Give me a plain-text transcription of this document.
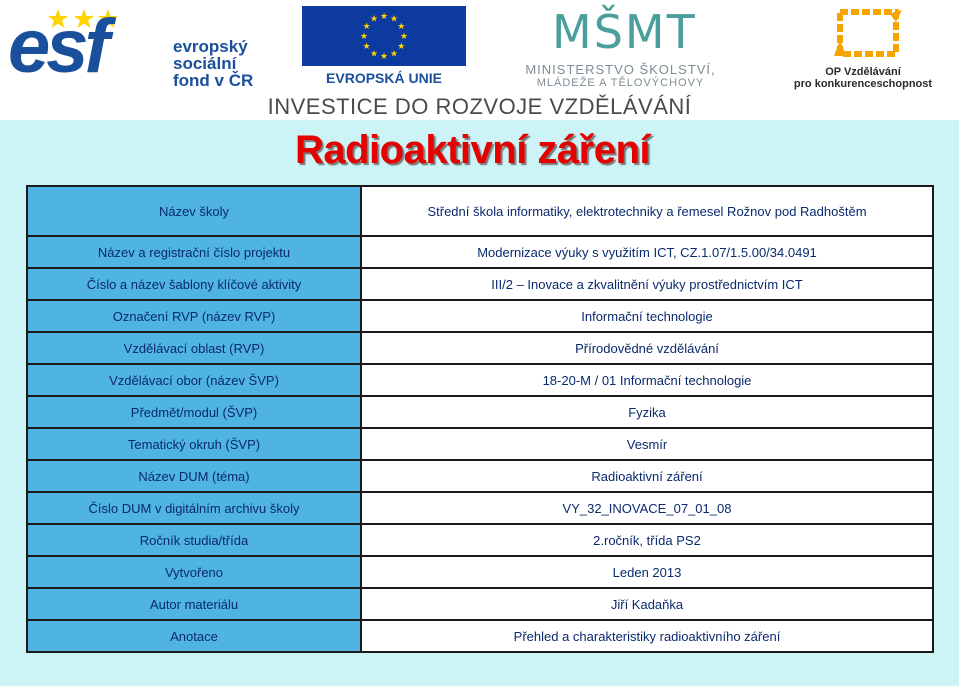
esf	evropský
sociální
fond v ČR
★
★
★
★
★
★
★
★
★ ★ ★
★
EVROPSKÁ UNIE
MŠMT
MINISTERSTVO ŠKOLSTVÍ,
MLÁDEŽE A TĚLOVÝCHOVY
OP Vzdělávání
pro konkurenceschopnost
INVESTICE DO ROZVOJE VZDĚLÁVÁNÍ
Radioaktivní záření
Název školy	Střední škola informatiky, elektrotechniky a řemesel Rožnov pod Radhoštěm
Název a registrační číslo projektu	Modernizace výuky s využitím ICT, CZ.1.07/1.5.00/34.0491
Číslo a název šablony klíčové aktivity	III/2 – Inovace a zkvalitnění výuky prostřednictvím ICT
Označení RVP (název RVP)	Informační technologie
Vzdělávací oblast (RVP)	Přírodovědné vzdělávání
Vzdělávací obor (název ŠVP)	18-20-M / 01 Informační technologie
Předmět/modul (ŠVP)	Fyzika
Tematický okruh (ŠVP)	Vesmír
Název DUM (téma)	Radioaktivní záření
Číslo DUM v digitálním archivu školy	VY_32_INOVACE_07_01_08
Ročník studia/třída	2.ročník, třída PS2
Vytvořeno	Leden 2013
Autor materiálu	Jiří Kadaňka
Anotace	Přehled a charakteristiky radioaktivního záření
